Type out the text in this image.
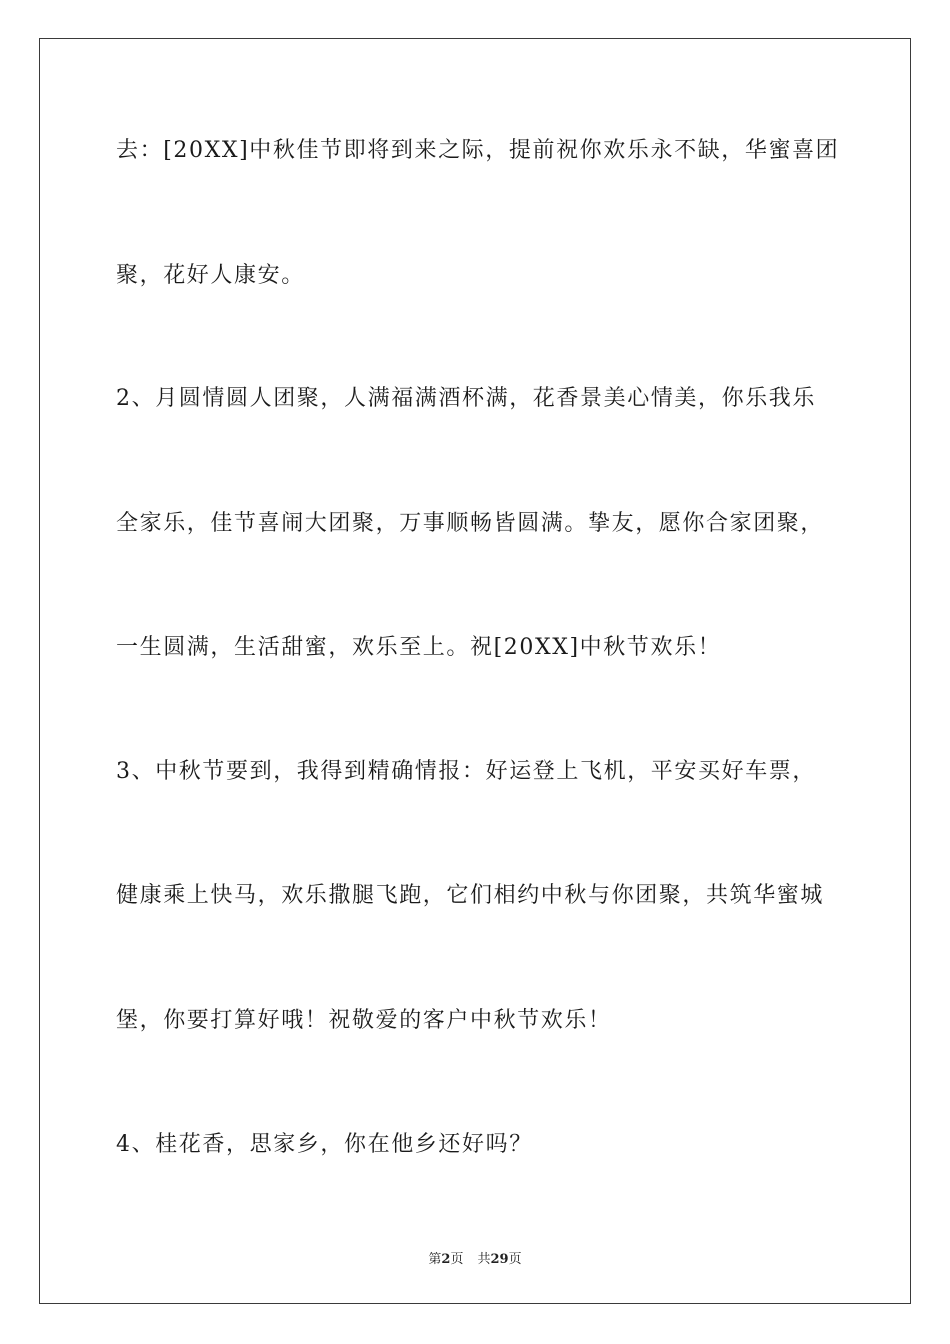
去：[20XX]中秋佳节即将到来之际，提前祝你欢乐永不缺，华蜜喜团
聚，花好人康安。
2、月圆情圆人团聚，人满福满酒杯满，花香景美心情美，你乐我乐
全家乐，佳节喜闹大团聚，万事顺畅皆圆满。挚友，愿你合家团聚，
一生圆满，生活甜蜜，欢乐至上。祝[20XX]中秋节欢乐！
3、中秋节要到，我得到精确情报：好运登上飞机，平安买好车票，
健康乘上快马，欢乐撒腿飞跑，它们相约中秋与你团聚，共筑华蜜城
堡，你要打算好哦！祝敬爱的客户中秋节欢乐！
4、桂花香，思家乡，你在他乡还好吗？
第2页 共29页
